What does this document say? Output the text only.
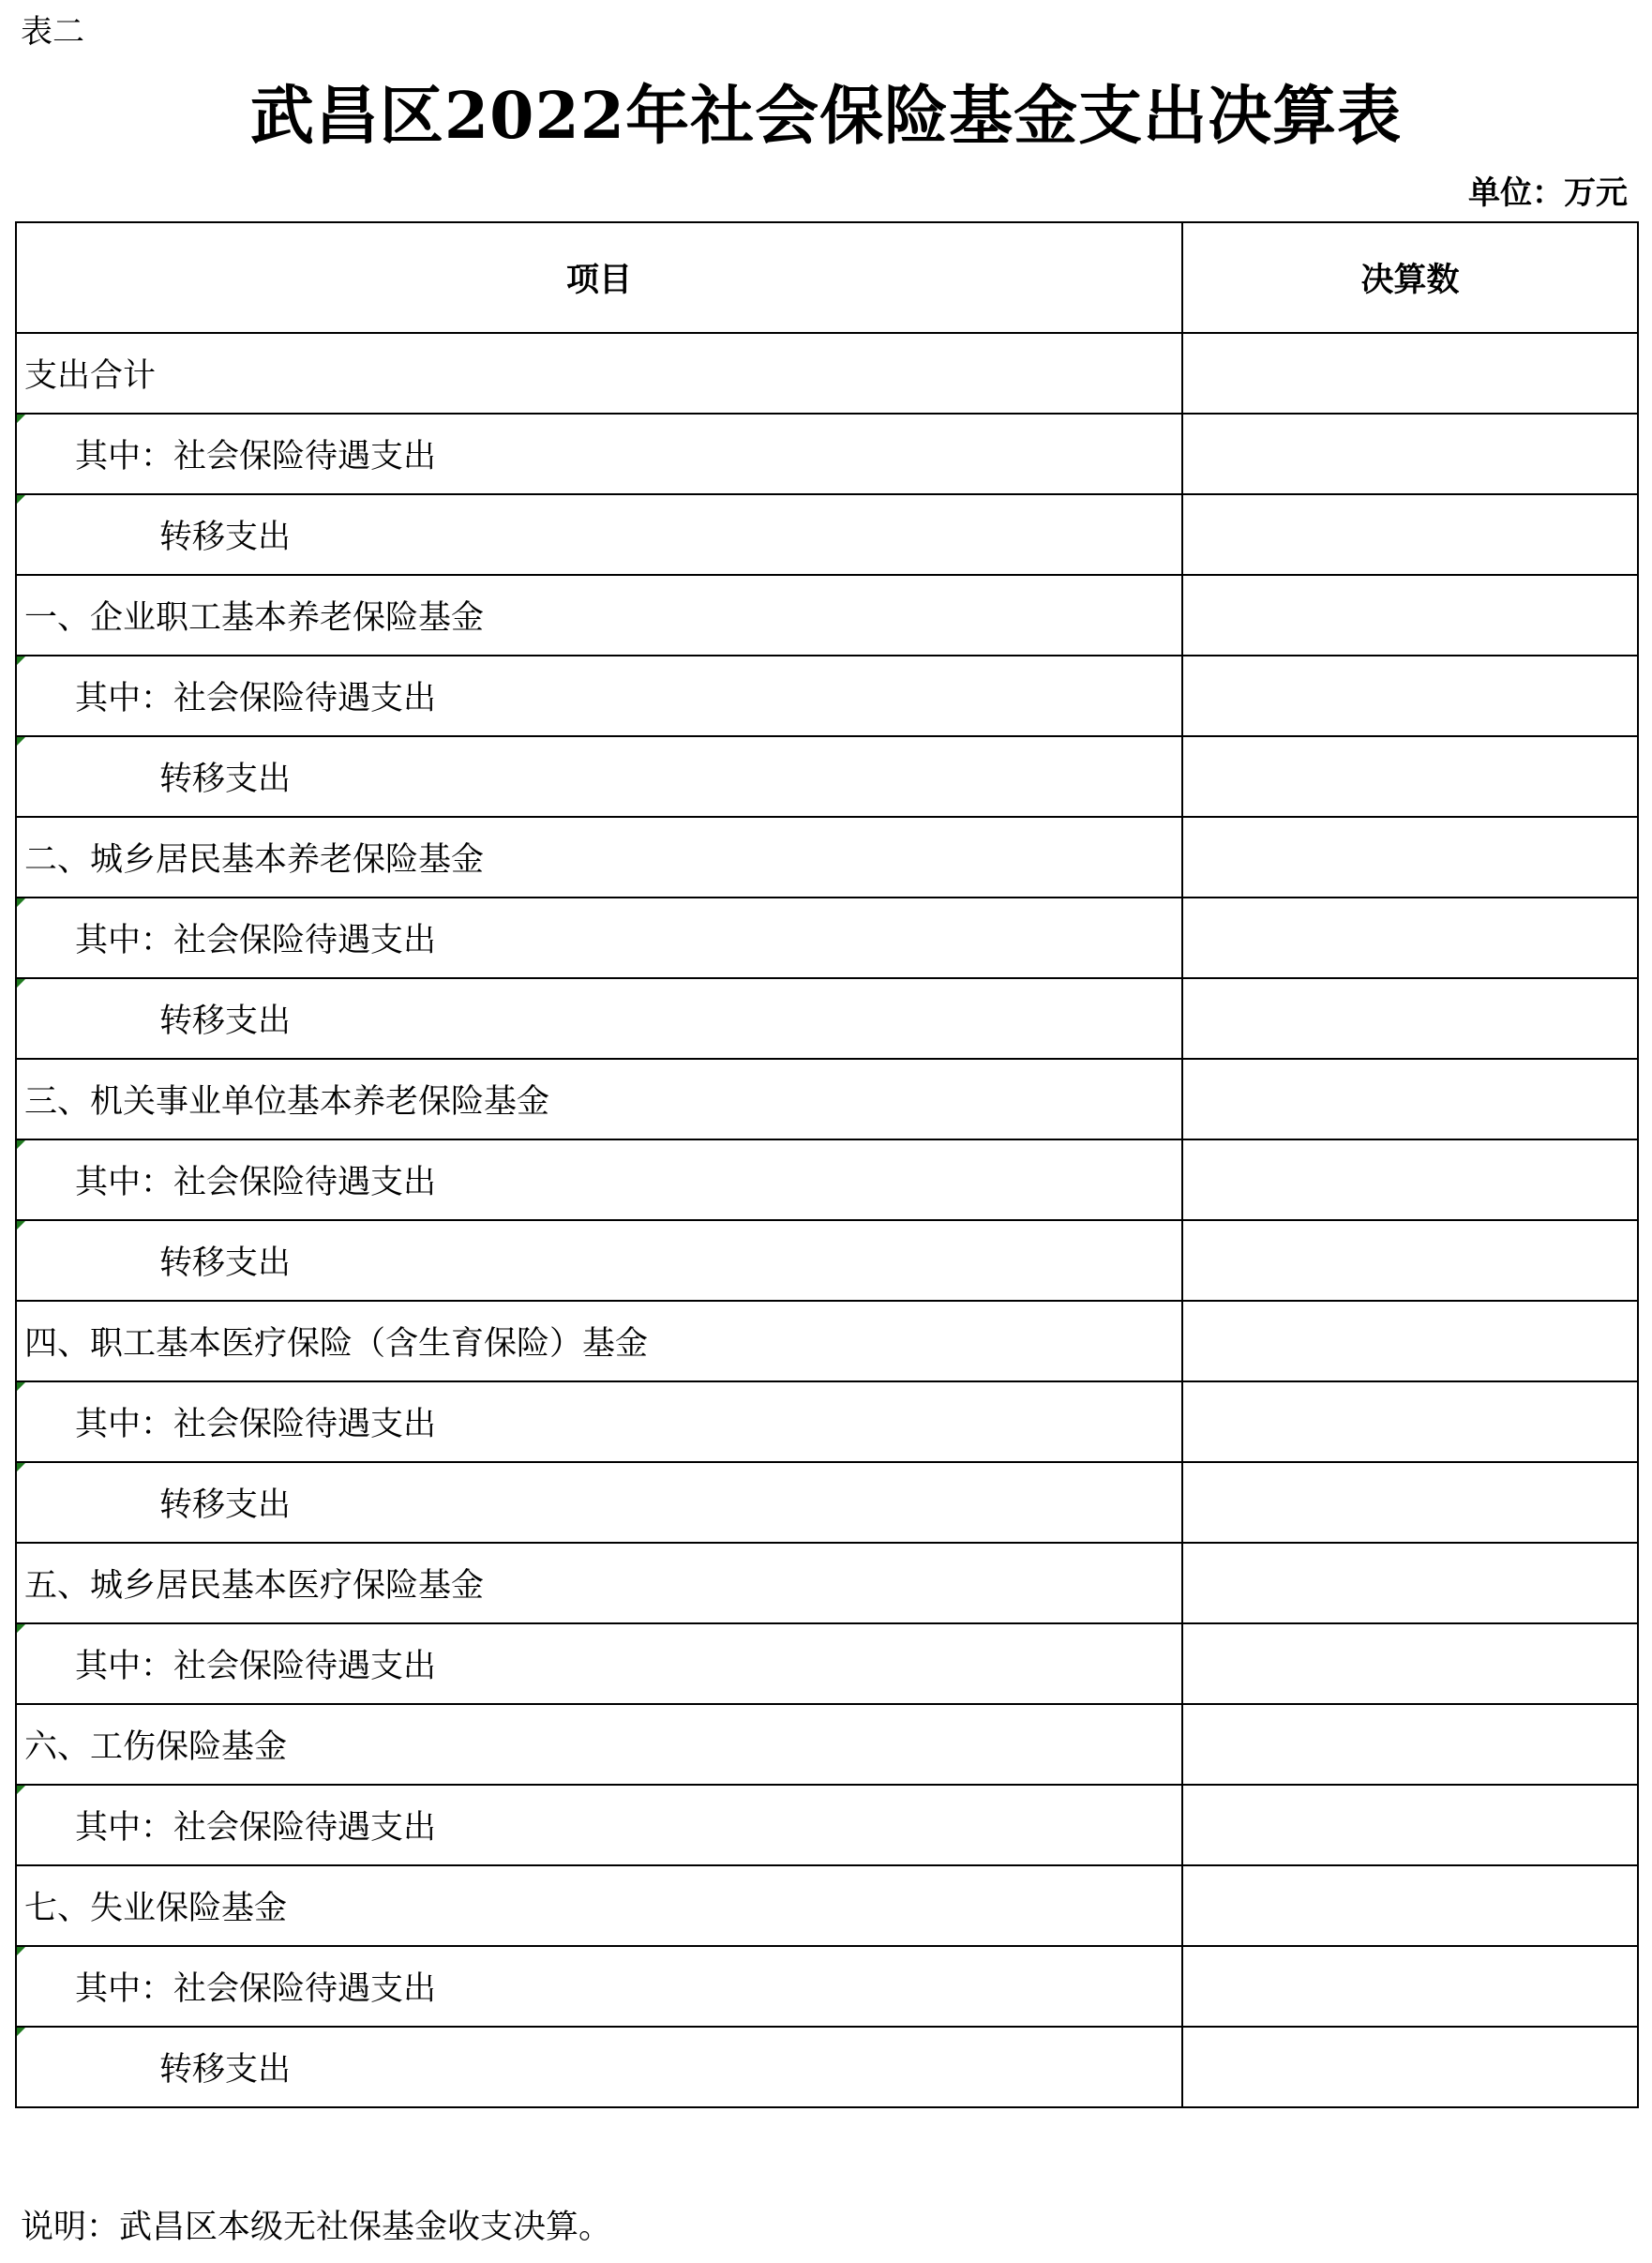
表二
武昌区2022年社会保险基金支出决算表
单位：万元
项目	决算数
支出合计	
其中：社会保险待遇支出	
转移支出	
一、企业职工基本养老保险基金	
其中：社会保险待遇支出	
转移支出	
二、城乡居民基本养老保险基金	
其中：社会保险待遇支出	
转移支出	
三、机关事业单位基本养老保险基金	
其中：社会保险待遇支出	
转移支出	
四、职工基本医疗保险（含生育保险）基金	
其中：社会保险待遇支出	
转移支出	
五、城乡居民基本医疗保险基金	
其中：社会保险待遇支出	
六、工伤保险基金	
其中：社会保险待遇支出	
七、失业保险基金	
其中：社会保险待遇支出	
转移支出	
说明：武昌区本级无社保基金收支决算。
